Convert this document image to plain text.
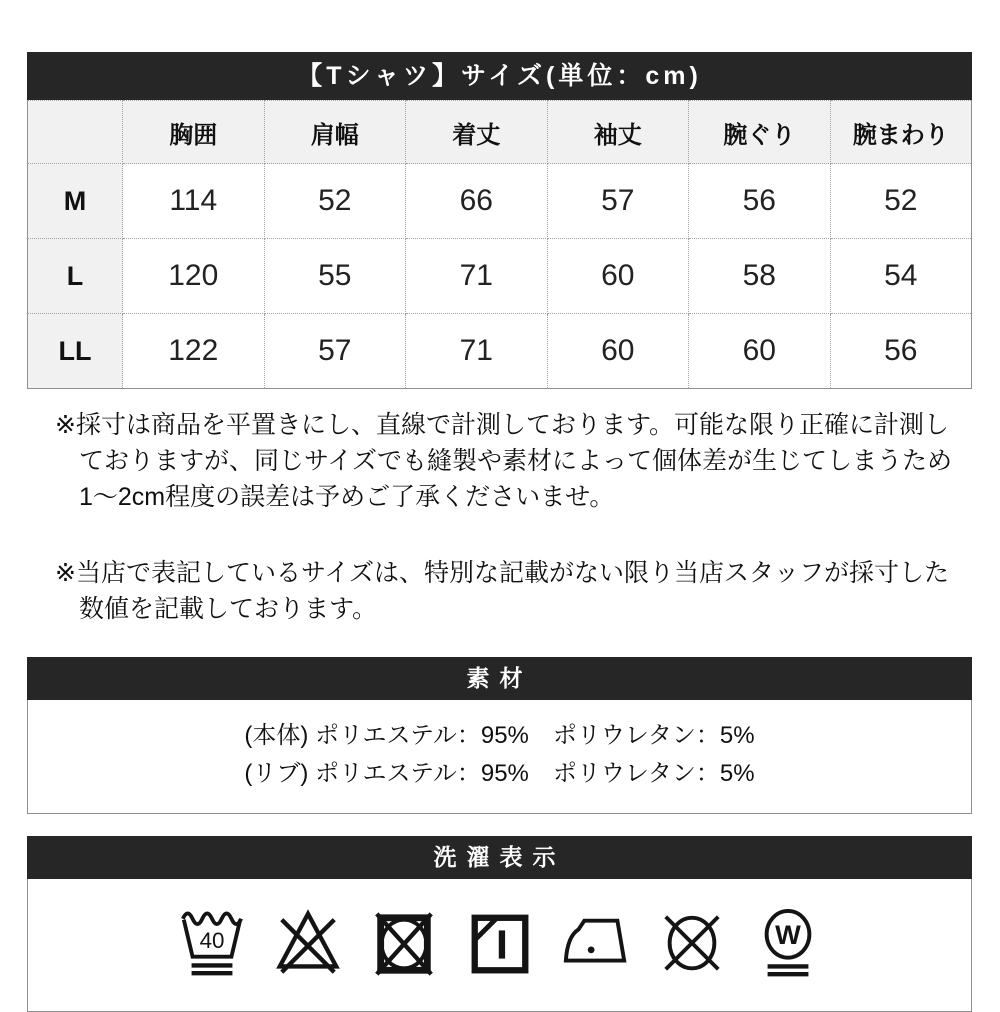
【Tシャツ】サイズ(単位：cm)
	胸囲	肩幅	着丈	袖丈	腕ぐり	腕まわり
M	114	52	66	57	56	52
L	120	55	71	60	58	54
LL	122	57	71	60	60	56
※採寸は商品を平置きにし、直線で計測しております。可能な限り正確に計測し
ておりますが、同じサイズでも縫製や素材によって個体差が生じてしまうため
1〜2cm程度の誤差は予めご了承くださいませ。
※当店で表記しているサイズは、特別な記載がない限り当店スタッフが採寸した
数値を記載しております。
素材
(本体) ポリエステル：95%　ポリウレタン：5%
(リブ) ポリエステル：95%　ポリウレタン：5%
洗濯表示
40	W
